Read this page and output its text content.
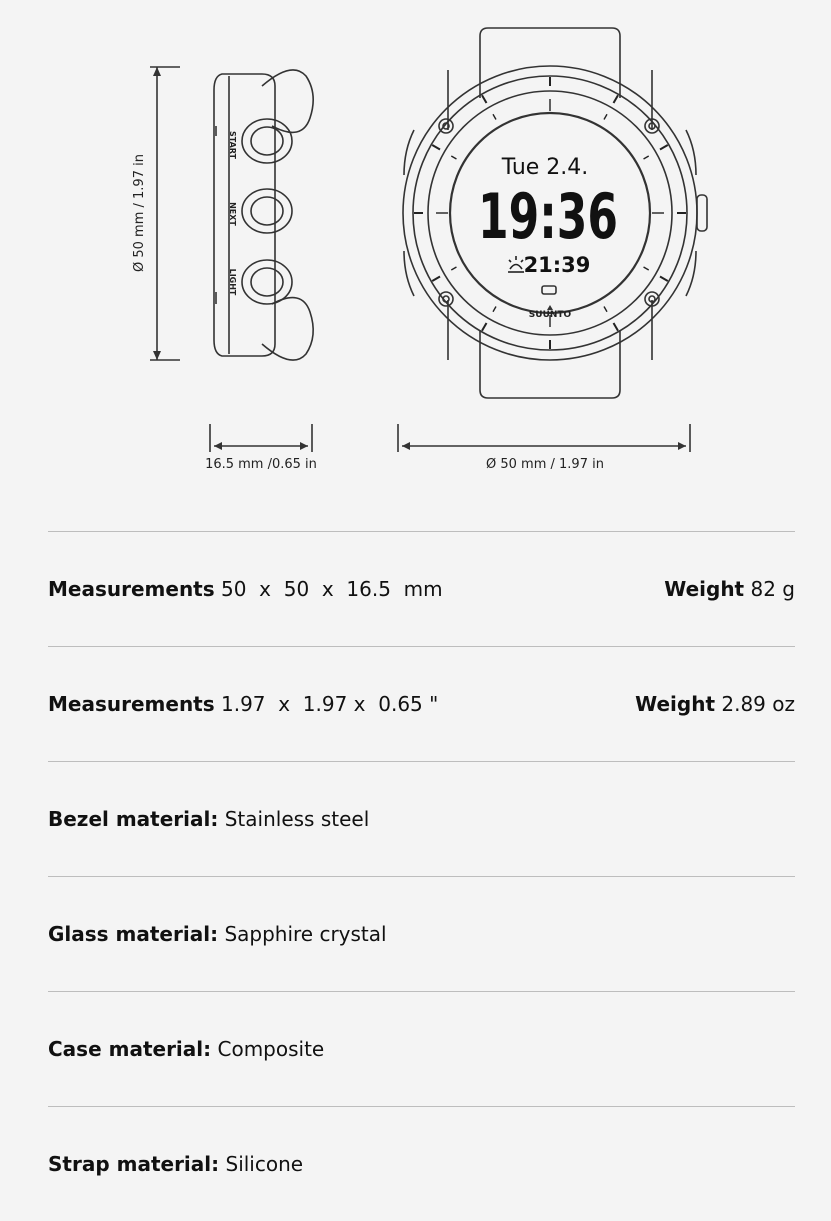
Ø 50 mm / 1.97 in
16.5 mm /0.65 in	Ø 50 mm / 1.97 in
START
NEXT
LIGHT
Tue 2.4.
19:36
21:39
SUUNTO
Measurements 50  x  50  x  16.5  mm	Weight 82 g
Measurements 1.97  x  1.97 x  0.65 "	Weight 2.89 oz
Bezel material: Stainless steel
Glass material: Sapphire crystal
Case material: Composite
Strap material: Silicone
